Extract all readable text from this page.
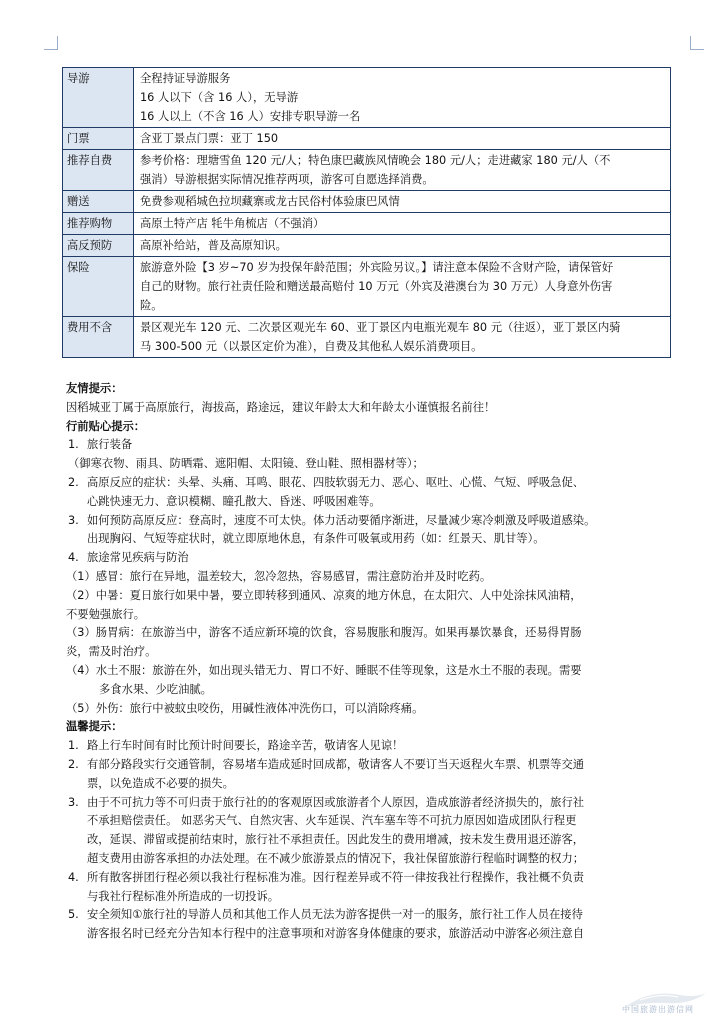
导游	全程持证导游服务
16 人以下（含 16 人），无导游
16 人以上（不含 16 人）安排专职导游一名

门票	含亚丁景点门票：亚丁 150

推荐自费	参考价格：理塘雪鱼 120 元/人；特色康巴藏族风情晚会 180 元/人；走进藏家 180 元/人（不
强消）导游根据实际情况推荐两项，游客可自愿选择消费。

赠送	免费参观稻城色拉坝藏寨或龙古民俗村体验康巴风情

推荐购物	高原土特产店 牦牛角梳店（不强消）

高反预防	高原补给站，普及高原知识。

保险	旅游意外险【3 岁~70 岁为投保年龄范围；外宾险另议。】请注意本保险不含财产险，请保管好
自己的财物。旅行社责任险和赠送最高赔付 10 万元（外宾及港澳台为 30 万元）人身意外伤害
险。

费用不含	景区观光车 120 元、二次景区观光车 60、亚丁景区内电瓶光观车 80 元（往返），亚丁景区内骑
马 300-500 元（以景区定价为准），自费及其他私人娱乐消费项目。
友情提示：
因稻城亚丁属于高原旅行，海拔高，路途远，建议年龄太大和年龄太小谨慎报名前往！
行前贴心提示：
1. 旅行装备
（御寒衣物、雨具、防晒霜、遮阳帽、太阳镜、登山鞋、照相器材等）；
2. 高原反应的症状：头晕、头痛、耳鸣、眼花、四肢软弱无力、恶心、呕吐、心慌、气短、呼吸急促、
心跳快速无力、意识模糊、瞳孔散大、昏迷、呼吸困难等。
3. 如何预防高原反应：登高时，速度不可太快。体力活动要循序渐进，尽量减少寒冷刺激及呼吸道感染。
出现胸闷、气短等症状时，就立即原地休息，有条件可吸氧或用药（如：红景天、肌甘等）。
4. 旅途常见疾病与防治
（1）感冒：旅行在异地，温差较大，忽冷忽热，容易感冒，需注意防治并及时吃药。
（2）中暑：夏日旅行如果中暑，要立即转移到通风、凉爽的地方休息，在太阳穴、人中处涂抹风油精，
不要勉强旅行。
（3）肠胃病：在旅游当中，游客不适应新环境的饮食，容易腹胀和腹泻。如果再暴饮暴食，还易得胃肠
炎，需及时治疗。
（4）水土不服：旅游在外，如出现头错无力、胃口不好、睡眠不佳等现象，这是水土不服的表现。需要
多食水果、少吃油腻。
（5）外伤：旅行中被蚊虫咬伤，用碱性液体冲洗伤口，可以消除疼痛。
温馨提示：
1. 路上行车时间有时比预计时间要长，路途辛苦，敬请客人见谅！
2. 有部分路段实行交通管制，容易堵车造成延时回成都，敬请客人不要订当天返程火车票、机票等交通
票，以免造成不必要的损失。
3. 由于不可抗力等不可归责于旅行社的的客观原因或旅游者个人原因，造成旅游者经济损失的，旅行社
不承担赔偿责任。 如恶劣天气、自然灾害、火车延误、汽车塞车等不可抗力原因如造成团队行程更
改，延误、滞留或提前结束时，旅行社不承担责任。因此发生的费用增减，按未发生费用退还游客，
超支费用由游客承担的办法处理。在不减少旅游景点的情况下，我社保留旅游行程临时调整的权力；
4. 所有散客拼团行程必须以我社行程标准为准。因行程差异或不符一律按我社行程操作，我社概不负责
与我社行程标准外所造成的一切投诉。
5. 安全须知①旅行社的导游人员和其他工作人员无法为游客提供一对一的服务，旅行社工作人员在接待
游客报名时已经充分告知本行程中的注意事项和对游客身体健康的要求，旅游活动中游客必须注意自
中国旅游出游信网
